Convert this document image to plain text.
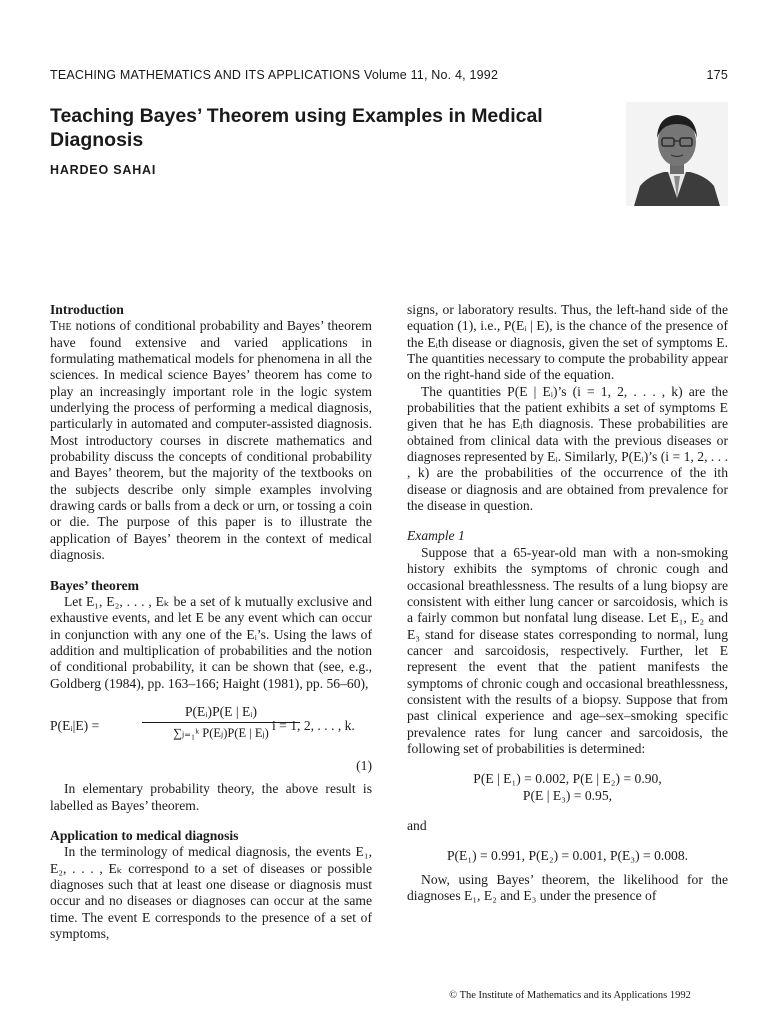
TEACHING MATHEMATICS AND ITS APPLICATIONS Volume 11, No. 4, 1992	175
Teaching Bayes’ Theorem using Examples in Medical Diagnosis
HARDEO SAHAI
Introduction

The notions of conditional probability and Bayes’ theorem have found extensive and varied applications in formulating mathematical models for phenomena in all the sciences. In medical science Bayes’ theorem has come to play an increasingly important role in the logic system underlying the process of performing a medical diagnosis, particularly in automated and computer-assisted diagnosis. Most introductory courses in discrete mathematics and probability discuss the concepts of conditional probability and Bayes’ theorem, but the majority of the textbooks on the subjects describe only simple examples involving drawing cards or balls from a deck or urn, or tossing a coin or die. The purpose of this paper is to illustrate the application of Bayes’ theorem in the context of medical diagnosis.

Bayes’ theorem

Let E₁, E₂, . . . , Eₖ be a set of k mutually exclusive and exhaustive events, and let E be any event which can occur in conjunction with any one of the Eᵢ’s. Using the laws of addition and multiplication of probabilities and the notion of conditional probability, it can be shown that (see, e.g., Goldberg (1984), pp. 163–166; Haight (1981), pp. 56–60),

P(Eᵢ|E) =	$\frac{\text{P(Eᵢ)P(E | Eᵢ)}}{\text{∑ⱼ₌₁ᵏ P(Eⱼ)P(E | Eⱼ)}}$
i = 1, 2, . . . , k.
(1)

In elementary probability theory, the above result is labelled as Bayes’ theorem.

Application to medical diagnosis

In the terminology of medical diagnosis, the events E₁, E₂, . . . , Eₖ correspond to a set of diseases or possible diagnoses such that at least one disease or diagnosis must occur and no diseases or diagnoses can occur at the same time. The event E corresponds to the presence of a set of symptoms,

signs, or laboratory results. Thus, the left-hand side of the equation (1), i.e., P(Eᵢ | E), is the chance of the presence of the Eᵢth disease or diagnosis, given the set of symptoms E. The quantities necessary to compute the probability appear on the right-hand side of the equation.

The quantities P(E | Eᵢ)’s (i = 1, 2, . . . , k) are the probabilities that the patient exhibits a set of symptoms E given that he has Eᵢth diagnosis. These probabilities are obtained from clinical data with the previous diseases or diagnoses represented by Eᵢ. Similarly, P(Eᵢ)’s (i = 1, 2, . . . , k) are the probabilities of the occurrence of the ith disease or diagnosis and are obtained from prevalence for the disease in question.

Example 1

Suppose that a 65-year-old man with a non-smoking history exhibits the symptoms of chronic cough and occasional breathlessness. The results of a lung biopsy are consistent with either lung cancer or sarcoidosis, which is a fairly common but nonfatal lung disease. Let E₁, E₂ and E₃ stand for disease states corresponding to normal, lung cancer and sarcoidosis, respectively. Further, let E represent the event that the patient manifests the symptoms of chronic cough and occasional breathlessness, consistent with the results of a biopsy. Suppose that from past clinical experience and age–sex–smoking specific prevalence rates for lung cancer and sarcoidosis, the following set of probabilities is determined:

P(E | E₁) = 0.002, P(E | E₂) = 0.90,
P(E | E₃) = 0.95,

and

P(E₁) = 0.991, P(E₂) = 0.001, P(E₃) = 0.008.

Now, using Bayes’ theorem, the likelihood for the diagnoses E₁, E₂ and E₃ under the presence of

© The Institute of Mathematics and its Applications 1992
